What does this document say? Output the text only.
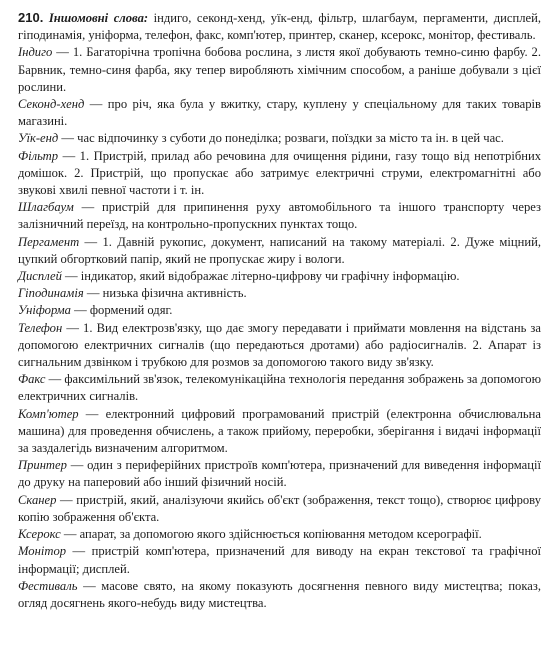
210. Іншомовні слова: індиго, секонд-хенд, уїк-енд, фільтр, шлагбаум, пергаменти, дисплей, гіподинамія, уніформа, телефон, факс, комп'ютер, принтер, сканер, ксерокс, монітор, фестиваль.

Індиго — 1. Багаторічна тропічна бобова рослина, з листя якої добувають темно-синю фарбу. 2. Барвник, темно-синя фарба, яку тепер виробляють хімічним способом, а раніше добували з цієї рослини.

Секонд-хенд — про річ, яка була у вжитку, стару, куплену у спеціальному для таких товарів магазині.

Уїк-енд — час відпочинку з суботи до понеділка; розваги, поїздки за місто та ін. в цей час.

Фільтр — 1. Пристрій, прилад або речовина для очищення рідини, газу тощо від непотрібних домішок. 2. Пристрій, що пропускає або затримує електричні струми, електромагнітні або звукові хвилі певної частоти і т. ін.

Шлагбаум — пристрій для припинення руху автомобільного та іншого транспорту через залізничний переїзд, на контрольно-пропускних пунктах тощо.

Пергамент — 1. Давній рукопис, документ, написаний на такому матеріалі. 2. Дуже міцний, цупкий обгортковий папір, який не пропускає жиру і вологи.

Дисплей — індикатор, який відображає літерно-цифрову чи графічну інформацію.

Гіподинамія — низька фізична активність.

Уніформа — формений одяг.

Телефон — 1. Вид електрозв'язку, що дає змогу передавати і приймати мовлення на відстань за допомогою електричних сигналів (що передаються дротами) або радіосигналів. 2. Апарат із сигнальним дзвінком і трубкою для розмов за допомогою такого виду зв'язку.

Факс — факсимільний зв'язок, телекомунікаційна технологія передання зображень за допомогою електричних сигналів.

Комп'ютер — електронний цифровий програмований пристрій (електронна обчислювальна машина) для проведення обчислень, а також прийому, переробки, зберігання і видачі інформації за заздалегідь визначеним алгоритмом.

Принтер — один з периферійних пристроїв комп'ютера, призначений для виведення інформації до друку на паперовий або інший фізичний носій.

Сканер — пристрій, який, аналізуючи якийсь об'єкт (зображення, текст тощо), створює цифрову копію зображення об'єкта.

Ксерокс — апарат, за допомогою якого здійснюється копіювання методом ксерографії.

Монітор — пристрій комп'ютера, призначений для виводу на екран текстової та графічної інформації; дисплей.

Фестиваль — масове свято, на якому показують досягнення певного виду мистецтва; показ, огляд досягнень якого-небудь виду мистецтва.
